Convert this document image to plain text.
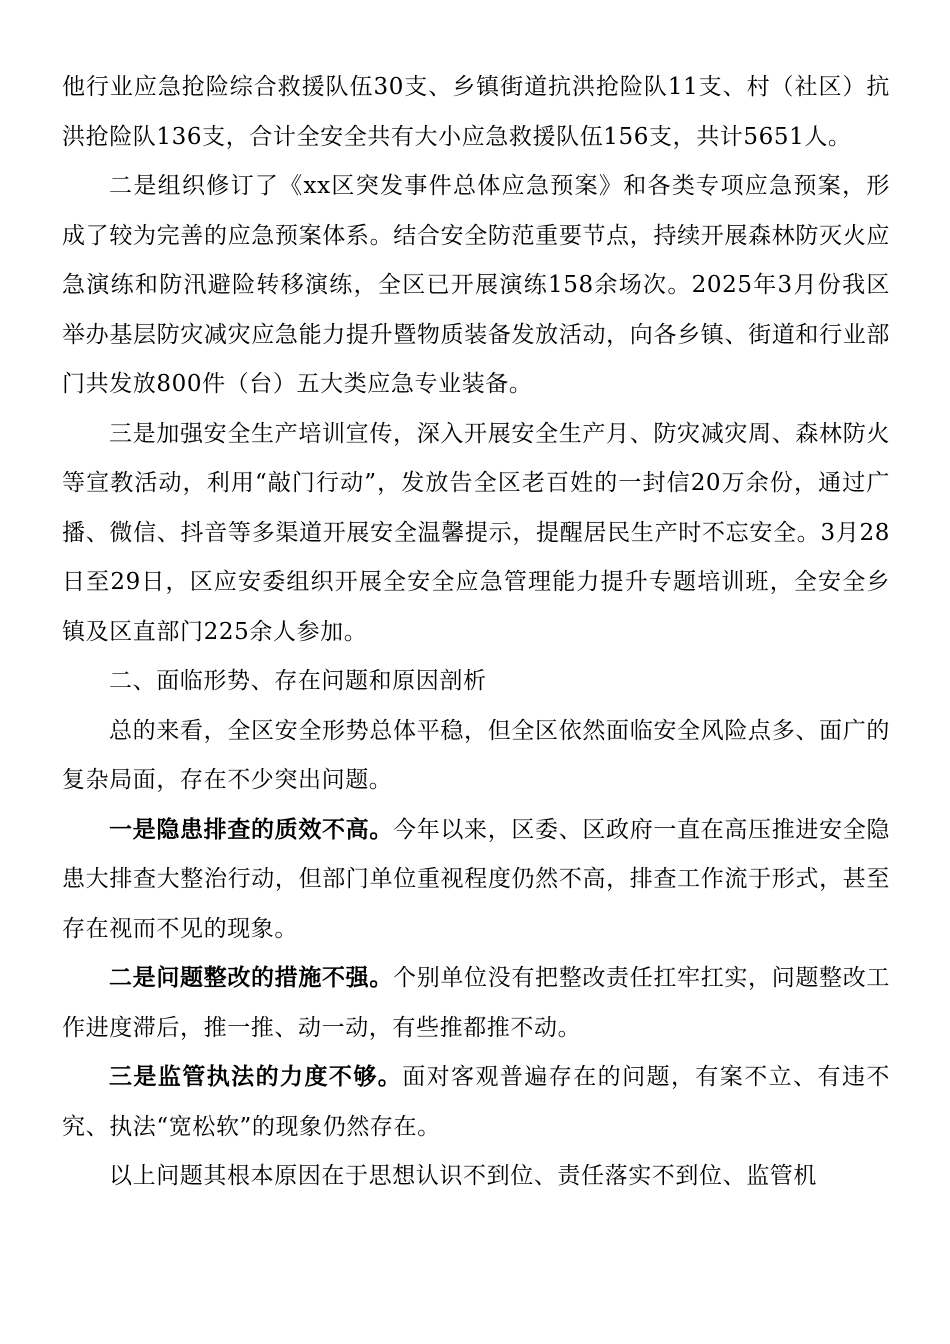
他行业应急抢险综合救援队伍30支、乡镇街道抗洪抢险队11支、村（社区）抗洪抢险队136支，合计全安全共有大小应急救援队伍156支，共计5651人。

二是组织修订了《xx区突发事件总体应急预案》和各类专项应急预案，形成了较为完善的应急预案体系。结合安全防范重要节点，持续开展森林防灭火应急演练和防汛避险转移演练，全区已开展演练158余场次。2025年3月份我区举办基层防灾减灾应急能力提升暨物质装备发放活动，向各乡镇、街道和行业部门共发放800件（台）五大类应急专业装备。

三是加强安全生产培训宣传，深入开展安全生产月、防灾减灾周、森林防火等宣教活动，利用“敲门行动”，发放告全区老百姓的一封信20万余份，通过广播、微信、抖音等多渠道开展安全温馨提示，提醒居民生产时不忘安全。3月28日至29日，区应安委组织开展全安全应急管理能力提升专题培训班，全安全乡镇及区直部门225余人参加。

二、面临形势、存在问题和原因剖析

总的来看，全区安全形势总体平稳，但全区依然面临安全风险点多、面广的复杂局面，存在不少突出问题。

一是隐患排查的质效不高。今年以来，区委、区政府一直在高压推进安全隐患大排查大整治行动，但部门单位重视程度仍然不高，排查工作流于形式，甚至存在视而不见的现象。

二是问题整改的措施不强。个别单位没有把整改责任扛牢扛实，问题整改工作进度滞后，推一推、动一动，有些推都推不动。

三是监管执法的力度不够。面对客观普遍存在的问题，有案不立、有违不究、执法“宽松软”的现象仍然存在。

以上问题其根本原因在于思想认识不到位、责任落实不到位、监管机
